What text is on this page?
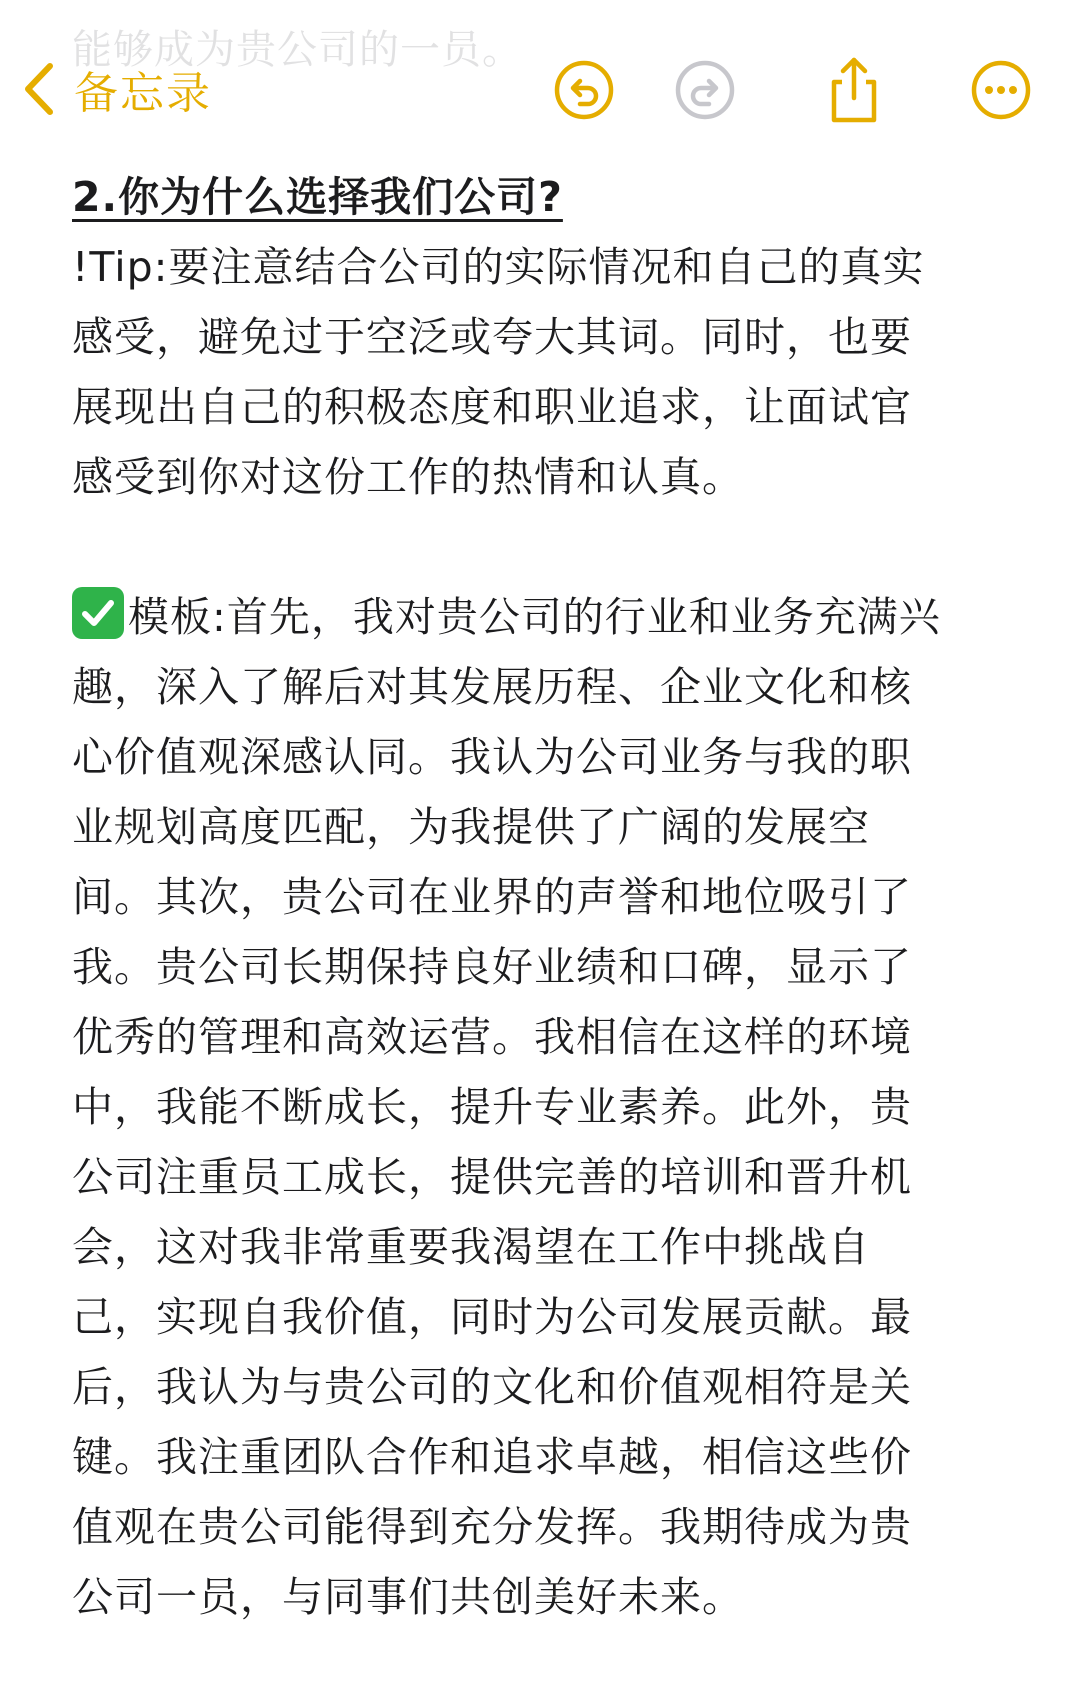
能够成为贵公司的一员。
备忘录
2.你为什么选择我们公司?
!Tip:要注意结合公司的实际情况和自己的真实
感受，避免过于空泛或夸大其词。同时，也要
展现出自己的积极态度和职业追求，让面试官
感受到你对这份工作的热情和认真。
模板:首先，我对贵公司的行业和业务充满兴
趣，深入了解后对其发展历程、企业文化和核
心价值观深感认同。我认为公司业务与我的职
业规划高度匹配，为我提供了广阔的发展空
间。其次，贵公司在业界的声誉和地位吸引了
我。贵公司长期保持良好业绩和口碑，显示了
优秀的管理和高效运营。我相信在这样的环境
中，我能不断成长，提升专业素养。此外，贵
公司注重员工成长，提供完善的培训和晋升机
会，这对我非常重要我渴望在工作中挑战自
己，实现自我价值，同时为公司发展贡献。最
后，我认为与贵公司的文化和价值观相符是关
键。我注重团队合作和追求卓越，相信这些价
值观在贵公司能得到充分发挥。我期待成为贵
公司一员，与同事们共创美好未来。
